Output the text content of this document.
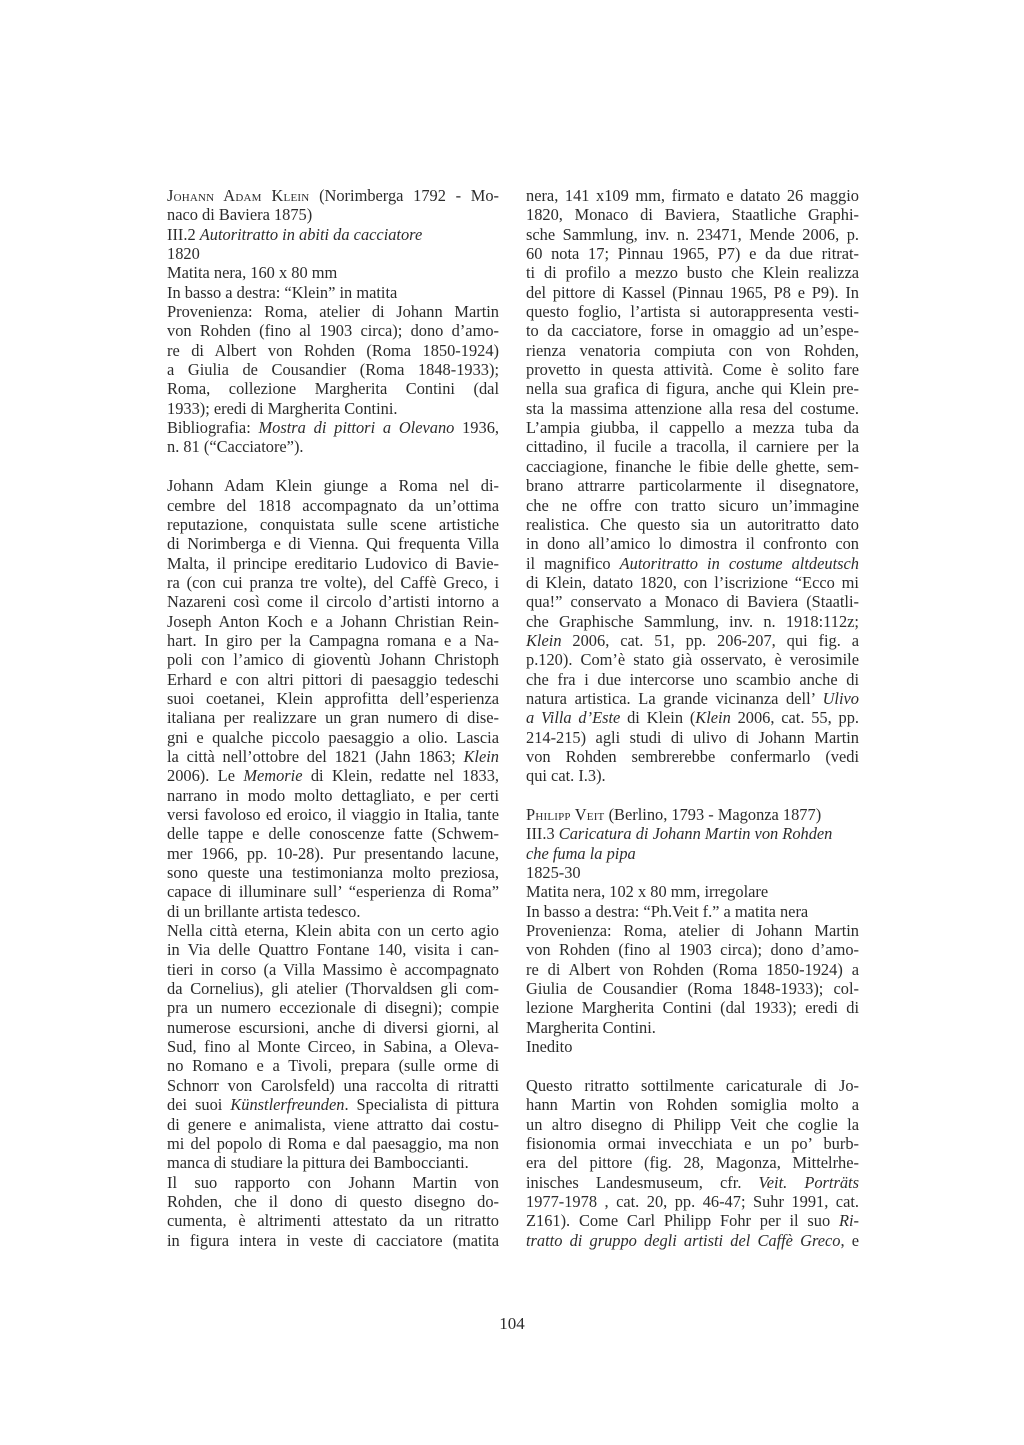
Johann Adam Klein (Norimberga 1792 - Mo-
naco di Baviera 1875)
III.2 Autoritratto in abiti da cacciatore
1820
Matita nera, 160 x 80 mm
In basso a destra: “Klein” in matita
Provenienza: Roma, atelier di Johann Martin
von Rohden (fino al 1903 circa); dono d’amo-
re di Albert von Rohden (Roma 1850-1924)
a Giulia de Cousandier (Roma 1848-1933);
Roma, collezione Margherita Contini (dal
1933); eredi di Margherita Contini.
Bibliografia: Mostra di pittori a Olevano 1936,
n. 81 (“Cacciatore”).
Johann Adam Klein giunge a Roma nel di-
cembre del 1818 accompagnato da un’ottima
reputazione, conquistata sulle scene artistiche
di Norimberga e di Vienna. Qui frequenta Villa
Malta, il principe ereditario Ludovico di Bavie-
ra (con cui pranza tre volte), del Caffè Greco, i
Nazareni così come il circolo d’artisti intorno a
Joseph Anton Koch e a Johann Christian Rein-
hart. In giro per la Campagna romana e a Na-
poli con l’amico di gioventù Johann Christoph
Erhard e con altri pittori di paesaggio tedeschi
suoi coetanei, Klein approfitta dell’esperienza
italiana per realizzare un gran numero di dise-
gni e qualche piccolo paesaggio a olio. Lascia
la città nell’ottobre del 1821 (Jahn 1863; Klein
2006). Le Memorie di Klein, redatte nel 1833,
narrano in modo molto dettagliato, e per certi
versi favoloso ed eroico, il viaggio in Italia, tante
delle tappe e delle conoscenze fatte (Schwem-
mer 1966, pp. 10-28). Pur presentando lacune,
sono queste una testimonianza molto preziosa,
capace di illuminare sull’ “esperienza di Roma”
di un brillante artista tedesco.
Nella città eterna, Klein abita con un certo agio
in Via delle Quattro Fontane 140, visita i can-
tieri in corso (a Villa Massimo è accompagnato
da Cornelius), gli atelier (Thorvaldsen gli com-
pra un numero eccezionale di disegni); compie
numerose escursioni, anche di diversi giorni, al
Sud, fino al Monte Circeo, in Sabina, a Oleva-
no Romano e a Tivoli, prepara (sulle orme di
Schnorr von Carolsfeld) una raccolta di ritratti
dei suoi Künstlerfreunden. Specialista di pittura
di genere e animalista, viene attratto dai costu-
mi del popolo di Roma e dal paesaggio, ma non
manca di studiare la pittura dei Bamboccianti.
Il suo rapporto con Johann Martin von
Rohden, che il dono di questo disegno do-
cumenta, è altrimenti attestato da un ritratto
in figura intera in veste di cacciatore (matita
nera, 141 x109 mm, firmato e datato 26 maggio
1820, Monaco di Baviera, Staatliche Graphi-
sche Sammlung, inv. n. 23471, Mende 2006, p.
60 nota 17; Pinnau 1965, P7) e da due ritrat-
ti di profilo a mezzo busto che Klein realizza
del pittore di Kassel (Pinnau 1965, P8 e P9). In
questo foglio, l’artista si autorappresenta vesti-
to da cacciatore, forse in omaggio ad un’espe-
rienza venatoria compiuta con von Rohden,
provetto in questa attività. Come è solito fare
nella sua grafica di figura, anche qui Klein pre-
sta la massima attenzione alla resa del costume.
L’ampia giubba, il cappello a mezza tuba da
cittadino, il fucile a tracolla, il carniere per la
cacciagione, finanche le fibie delle ghette, sem-
brano attrarre particolarmente il disegnatore,
che ne offre con tratto sicuro un’immagine
realistica. Che questo sia un autoritratto dato
in dono all’amico lo dimostra il confronto con
il magnifico Autoritratto in costume altdeutsch
di Klein, datato 1820, con l’iscrizione “Ecco mi
qua!” conservato a Monaco di Baviera (Staatli-
che Graphische Sammlung, inv. n. 1918:112z;
Klein 2006, cat. 51, pp. 206-207, qui fig. a
p.120). Com’è stato già osservato, è verosimile
che fra i due intercorse uno scambio anche di
natura artistica. La grande vicinanza dell’ Ulivo
a Villa d’Este di Klein (Klein 2006, cat. 55, pp.
214-215) agli studi di ulivo di Johann Martin
von Rohden sembrerebbe confermarlo (vedi
qui cat. I.3).
Philipp Veit (Berlino, 1793 - Magonza 1877)
III.3 Caricatura di Johann Martin von Rohden
che fuma la pipa
1825-30
Matita nera, 102 x 80 mm, irregolare
In basso a destra: “Ph.Veit f.” a matita nera
Provenienza: Roma, atelier di Johann Martin
von Rohden (fino al 1903 circa); dono d’amo-
re di Albert von Rohden (Roma 1850-1924) a
Giulia de Cousandier (Roma 1848-1933); col-
lezione Margherita Contini (dal 1933); eredi di
Margherita Contini.
Inedito
Questo ritratto sottilmente caricaturale di Jo-
hann Martin von Rohden somiglia molto a
un altro disegno di Philipp Veit che coglie la
fisionomia ormai invecchiata e un po’ burb-
era del pittore (fig. 28, Magonza, Mittelrhe-
inisches Landesmuseum, cfr. Veit. Porträts
1977-1978 , cat. 20, pp. 46-47; Suhr 1991, cat.
Z161). Come Carl Philipp Fohr per il suo Ri-
tratto di gruppo degli artisti del Caffè Greco, e
104
